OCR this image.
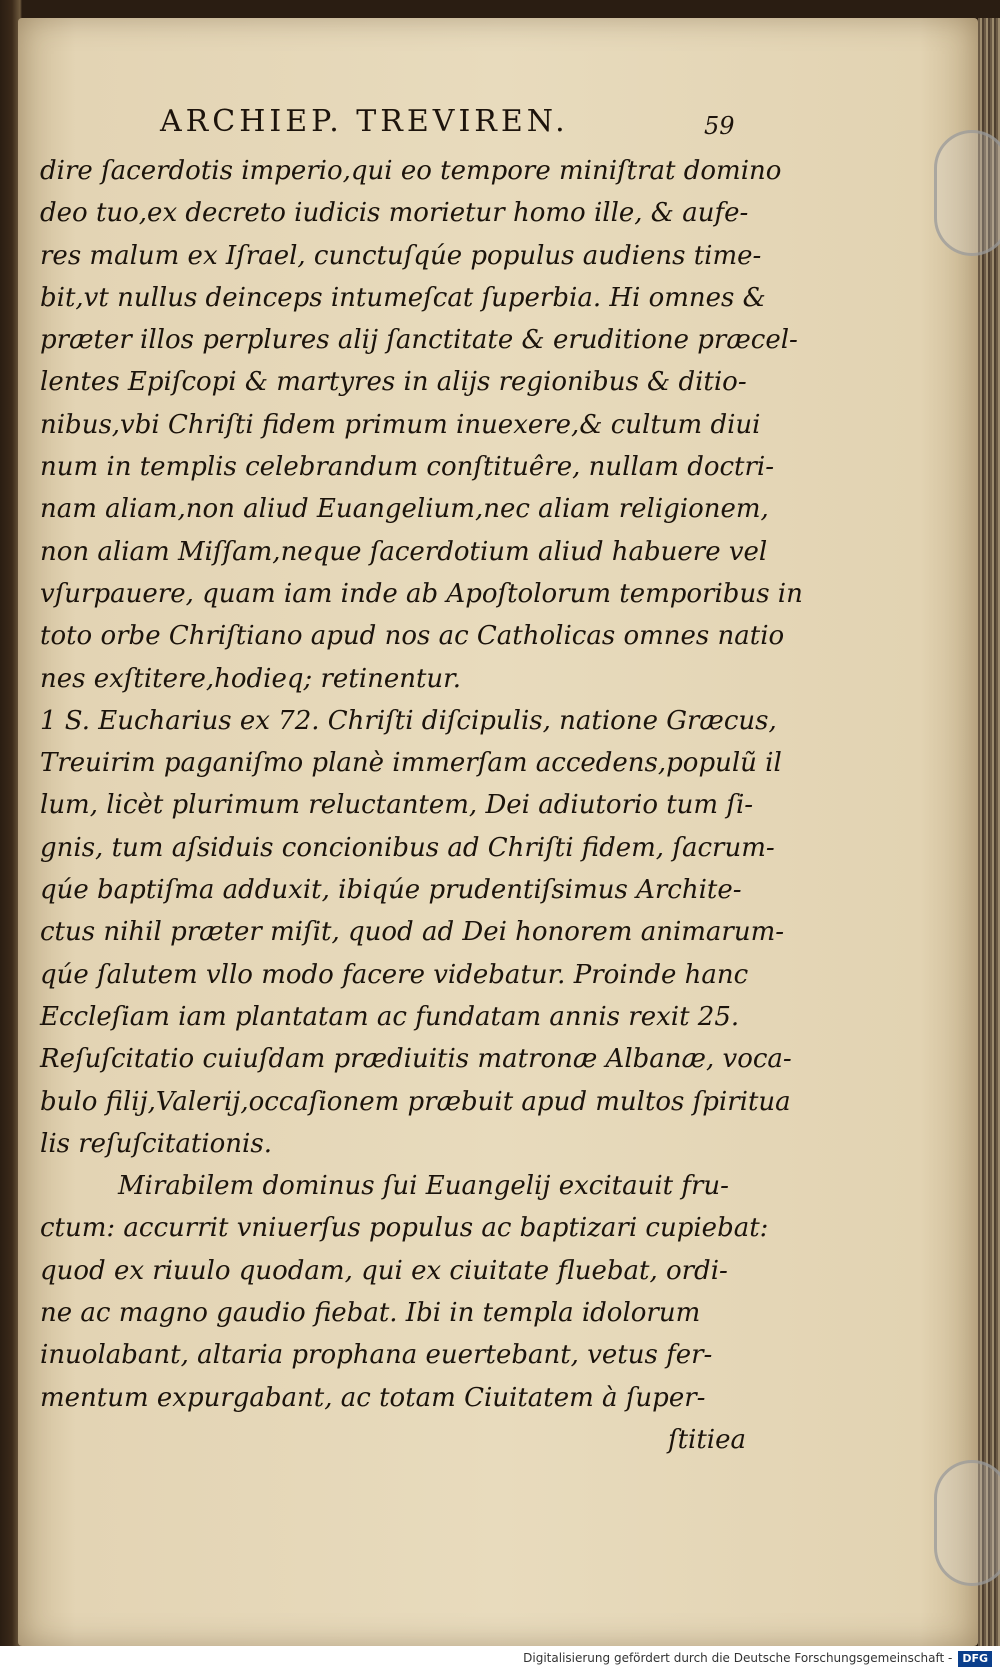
ARCHIEP. TREVIREN.	59
dire ſacerdotis imperio,qui eo tempore miniſtrat domino
deo tuo,ex decreto iudicis morietur homo ille, & aufe-
res malum ex Iſrael, cunctuſqúe populus audiens time-
bit,vt nullus deinceps intumeſcat ſuperbia. Hi omnes &
præter illos perplures alij ſanctitate & eruditione præcel-
lentes Epiſcopi & martyres in alijs regionibus & ditio-
nibus,vbi Chriſti fidem primum inuexere,& cultum diui
num in templis celebrandum conſtituêre, nullam doctri-
nam aliam,non aliud Euangelium,nec aliam religionem,
non aliam Miſſam,neque ſacerdotium aliud habuere vel
vſurpauere, quam iam inde ab Apoſtolorum temporibus in
toto orbe Chriſtiano apud nos ac Catholicas omnes natio
nes exſtitere,hodieq; retinentur.
1 S. Eucharius ex 72. Chriſti diſcipulis, natione Græcus,
Treuirim paganiſmo planè immerſam accedens,populũ il
lum, licèt plurimum reluctantem, Dei adiutorio tum ſi-
gnis, tum aſsiduis concionibus ad Chriſti fidem, ſacrum-
qúe baptiſma adduxit, ibiqúe prudentiſsimus Archite-
ctus nihil præter miſit, quod ad Dei honorem animarum-
qúe ſalutem vllo modo facere videbatur. Proinde hanc
Eccleſiam iam plantatam ac fundatam annis rexit 25.
Reſuſcitatio cuiuſdam prædiuitis matronæ Albanæ, voca-
bulo filij,Valerij,occaſionem præbuit apud multos ſpiritua
lis reſuſcitationis.
Mirabilem dominus ſui Euangelij excitauit fru-
ctum: accurrit vniuerſus populus ac baptizari cupiebat:
quod ex riuulo quodam, qui ex ciuitate fluebat, ordi-
ne ac magno gaudio fiebat. Ibi in templa idolorum
inuolabant, altaria prophana euertebant, vetus fer-
mentum expurgabant, ac totam Ciuitatem à ſuper-
ſtitiea
Digitalisierung gefördert durch die Deutsche Forschungsgemeinschaft - DFG
